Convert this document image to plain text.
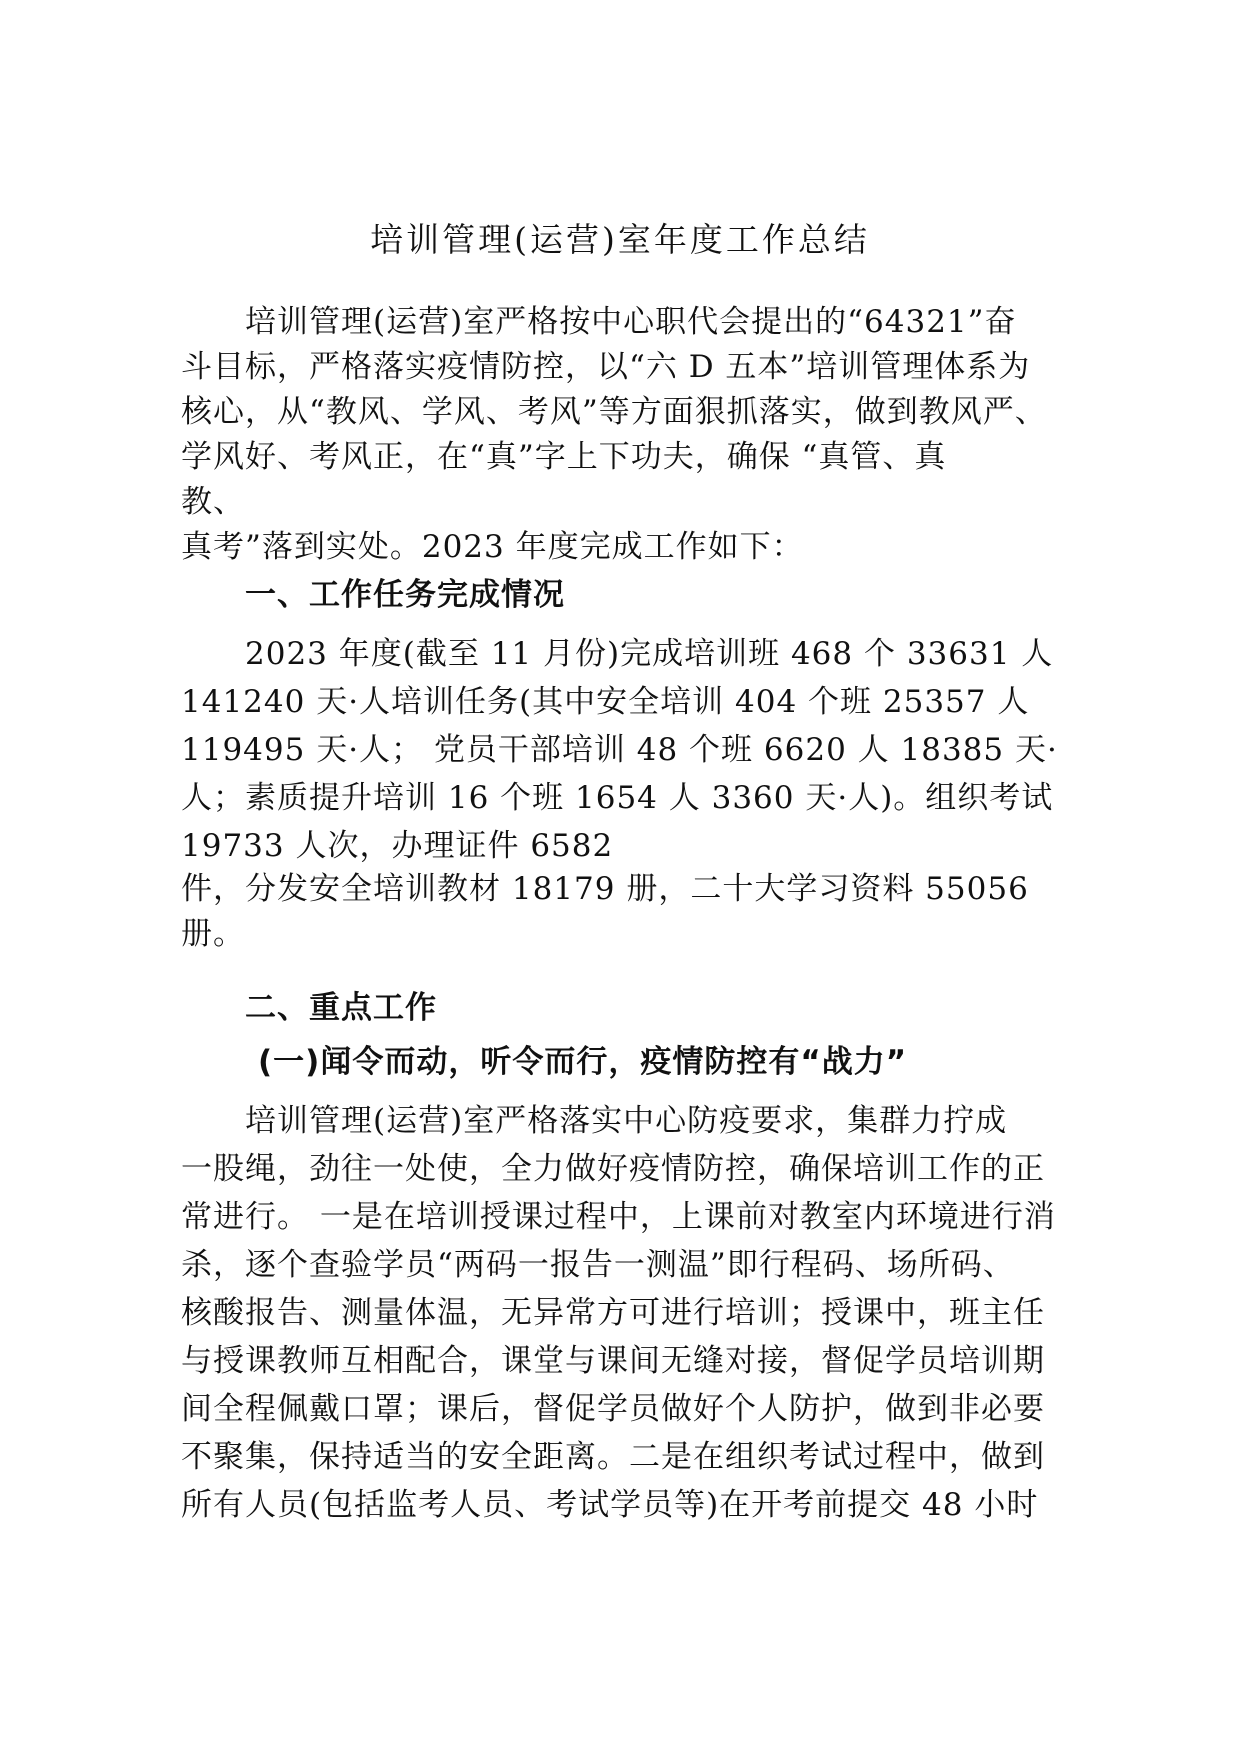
培训管理(运营)室年度工作总结
培训管理(运营)室严格按中心职代会提出的“64321”奋
斗目标，严格落实疫情防控，以“六 D 五本”培训管理体系为
核心，从“教风、学风、考风”等方面狠抓落实，做到教风严、
学风好、考风正，在“真”字上下功夫，确保 “真管、真
教、
真考”落到实处。2023 年度完成工作如下：
一、工作任务完成情况
2023 年度(截至 11 月份)完成培训班 468 个 33631 人
141240 天·人培训任务(其中安全培训 404 个班 25357 人
119495 天·人； 党员干部培训 48 个班 6620 人 18385 天·
人；素质提升培训 16 个班 1654 人 3360 天·人)。组织考试
19733 人次，办理证件 6582
件，分发安全培训教材 18179 册，二十大学习资料 55056
册。
二、重点工作
(一)闻令而动，听令而行，疫情防控有“战力”
培训管理(运营)室严格落实中心防疫要求，集群力拧成
一股绳，劲往一处使，全力做好疫情防控，确保培训工作的正
常进行。 一是在培训授课过程中，上课前对教室内环境进行消
杀，逐个查验学员“两码一报告一测温”即行程码、场所码、
核酸报告、测量体温，无异常方可进行培训；授课中，班主任
与授课教师互相配合，课堂与课间无缝对接，督促学员培训期
间全程佩戴口罩；课后，督促学员做好个人防护，做到非必要
不聚集，保持适当的安全距离。二是在组织考试过程中，做到
所有人员(包括监考人员、考试学员等)在开考前提交 48 小时
